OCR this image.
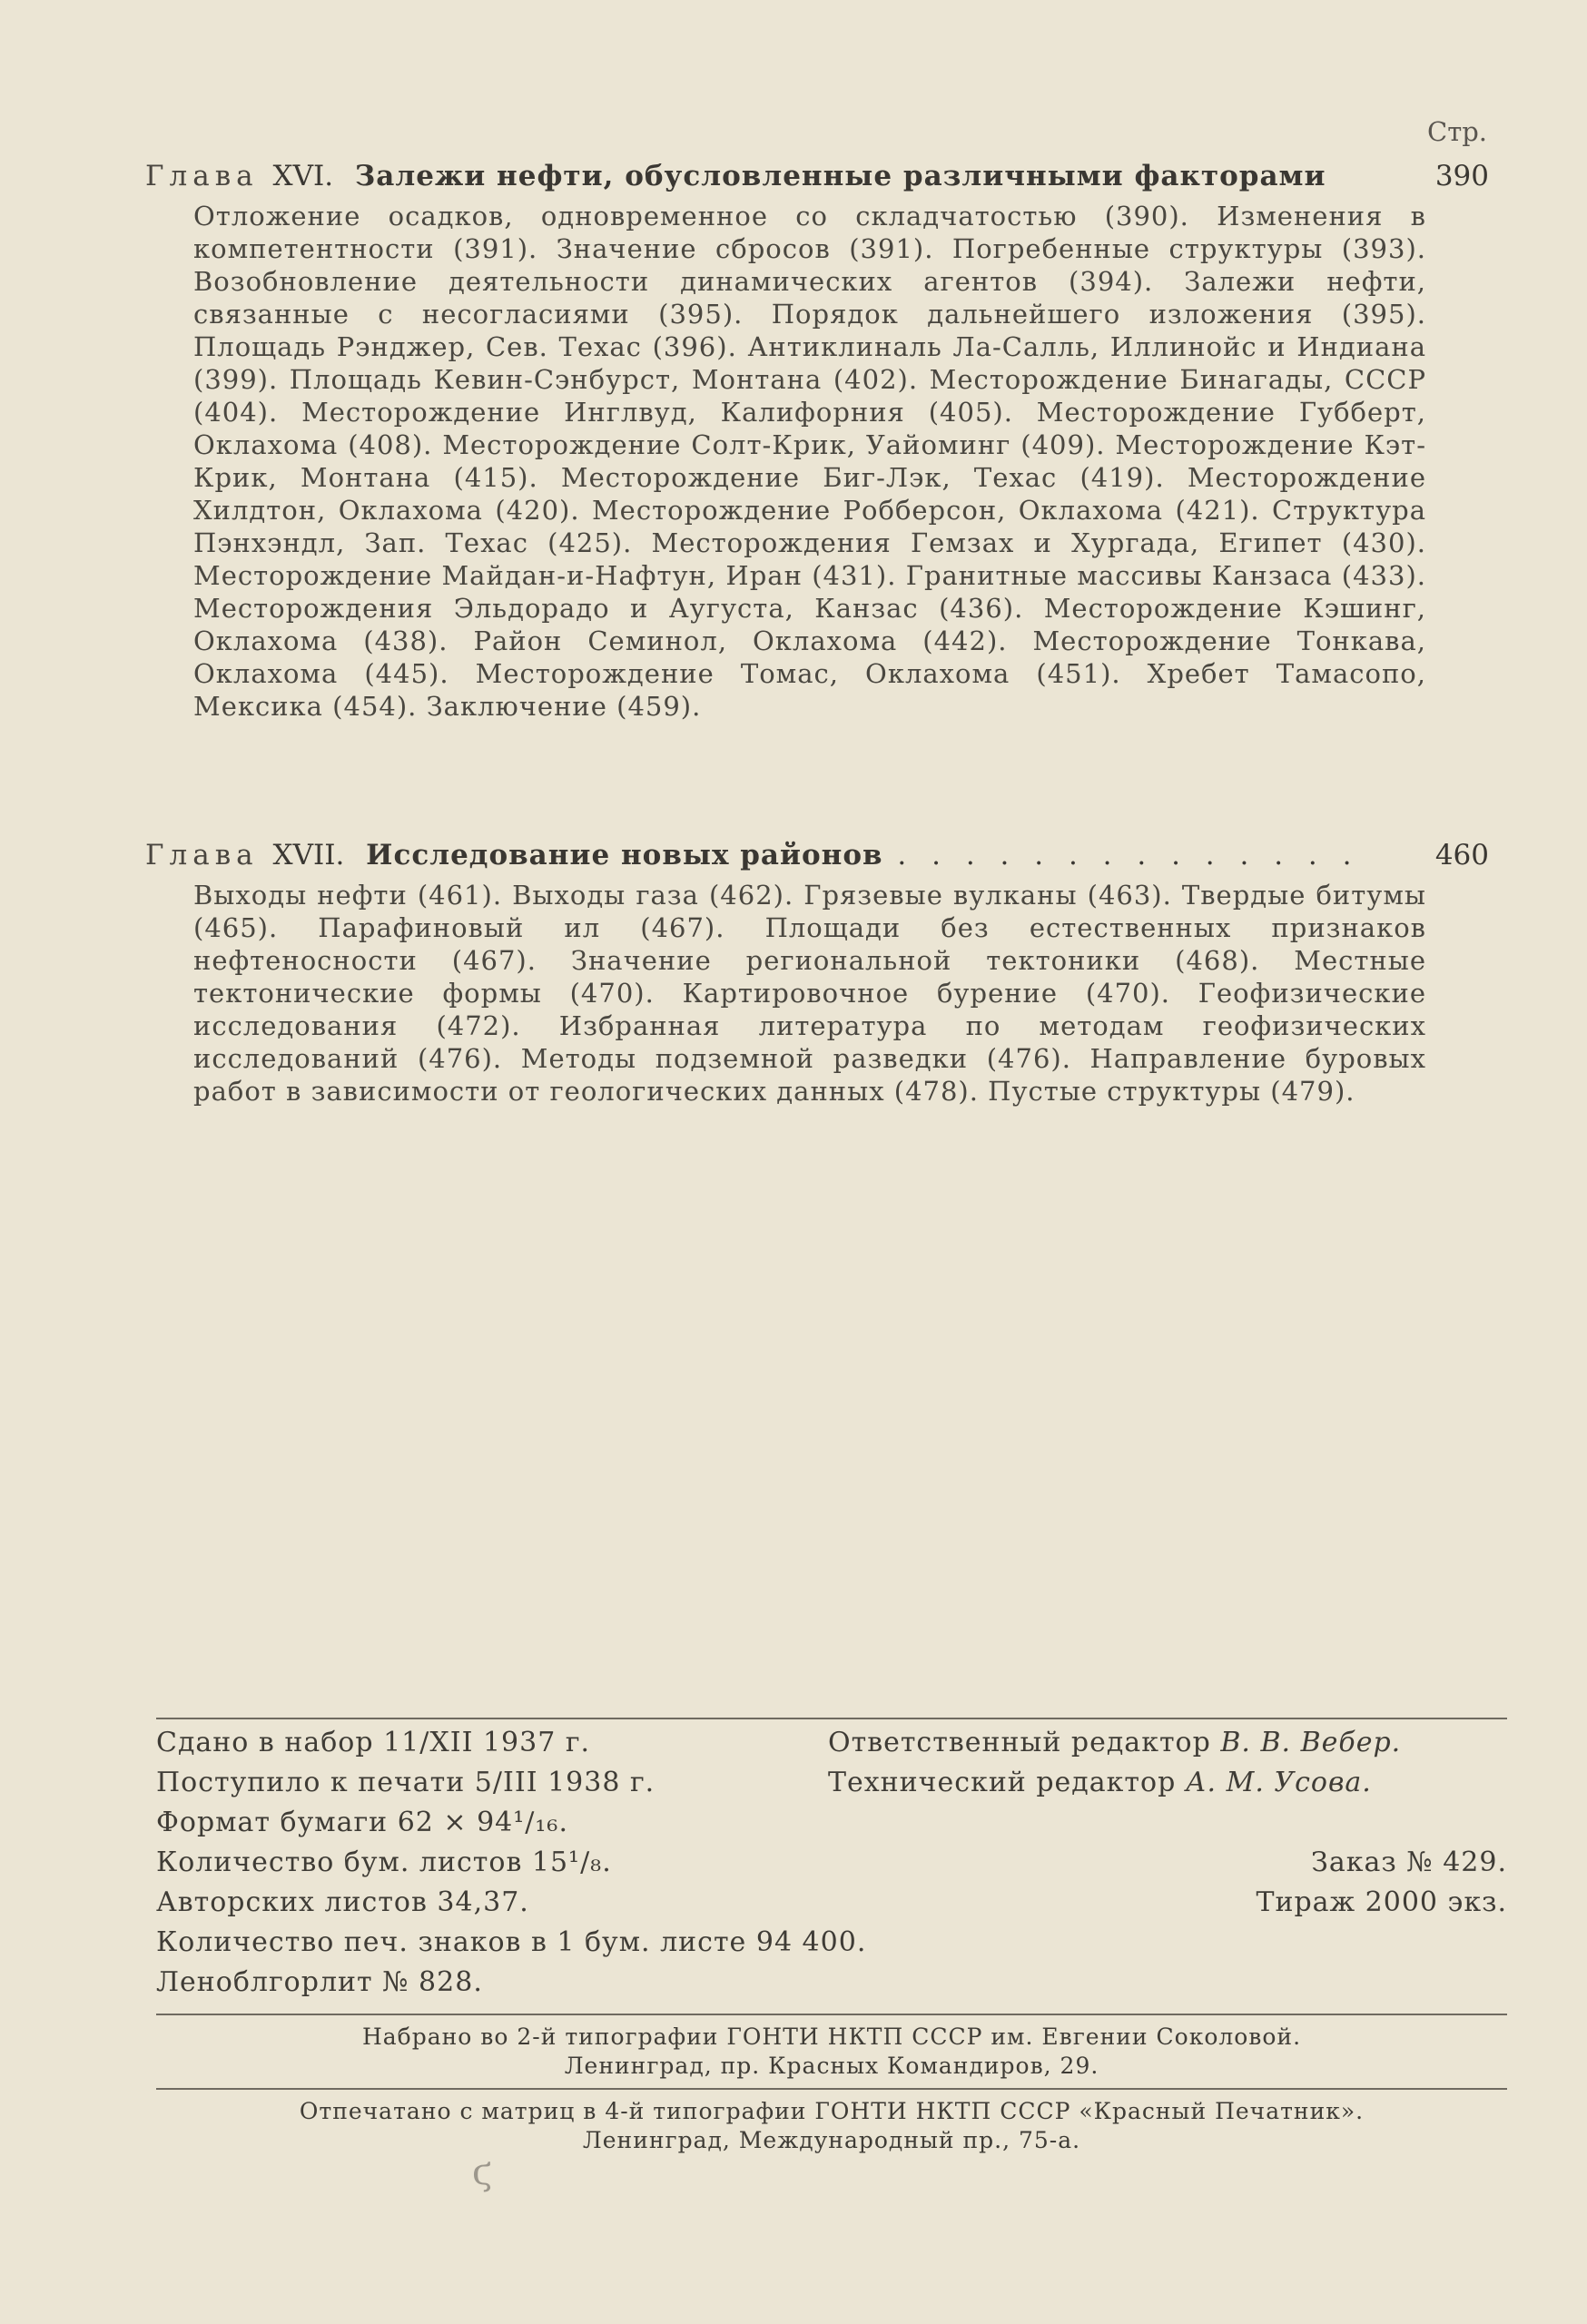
Стр.
Глава XVI. Залежи нефти, обусловленные различными факторами	390
Отложение осадков, одновременное со складчатостью (390). Изменения в компетентности (391). Значение сбросов (391). Погребенные структуры (393). Возобновление деятельности динамических агентов (394). Залежи нефти, связанные с несогласиями (395). Порядок дальнейшего изложения (395). Площадь Рэнджер, Сев. Техас (396). Антиклиналь Ла-Салль, Иллинойс и Индиана (399). Площадь Кевин-Сэнбурст, Монтана (402). Месторождение Бинагады, СССР (404). Месторождение Инглвуд, Калифорния (405). Месторождение Губберт, Оклахома (408). Месторождение Солт-Крик, Уайоминг (409). Месторождение Кэт-Крик, Монтана (415). Месторождение Биг-Лэк, Техас (419). Месторождение Хилдтон, Оклахома (420). Месторождение Робберсон, Оклахома (421). Структура Пэнхэндл, Зап. Техас (425). Месторождения Гемзах и Хургада, Египет (430). Месторождение Майдан-и-Нафтун, Иран (431). Гранитные массивы Канзаса (433). Месторождения Эльдорадо и Аугуста, Канзас (436). Месторождение Кэшинг, Оклахома (438). Район Семинол, Оклахома (442). Месторождение Тонкава, Оклахома (445). Месторождение Томас, Оклахома (451). Хребет Тамасопо, Мексика (454). Заключение (459).
Глава XVII. Исследование новых районов . . . . . . . . . . . . . .	460
Выходы нефти (461). Выходы газа (462). Грязевые вулканы (463). Твердые битумы (465). Парафиновый ил (467). Площади без естественных признаков нефтеносности (467). Значение региональной тектоники (468). Местные тектонические формы (470). Картировочное бурение (470). Геофизические исследования (472). Избранная литература по методам геофизических исследований (476). Методы подземной разведки (476). Направление буровых работ в зависимости от геологических данных (478). Пустые структуры (479).
Сдано в набор 11/XII 1937 г.	Ответственный редактор В. В. Вебер.
Поступило к печати 5/III 1938 г.	Технический редактор А. М. Усова.
Формат бумаги 62 × 94¹/₁₆.
Количество бум. листов 15¹/₈.	Заказ № 429.
Авторских листов 34,37.	Тираж 2000 экз.
Количество печ. знаков в 1 бум. листе 94 400.
Леноблгорлит № 828.
Набрано во 2-й типографии ГОНТИ НКТП СССР им. Евгении Соколовой.
Ленинград, пр. Красных Командиров, 29.
Отпечатано с матриц в 4-й типографии ГОНТИ НКТП СССР «Красный Печатник».
Ленинград, Международный пр., 75-а.
ϛ
